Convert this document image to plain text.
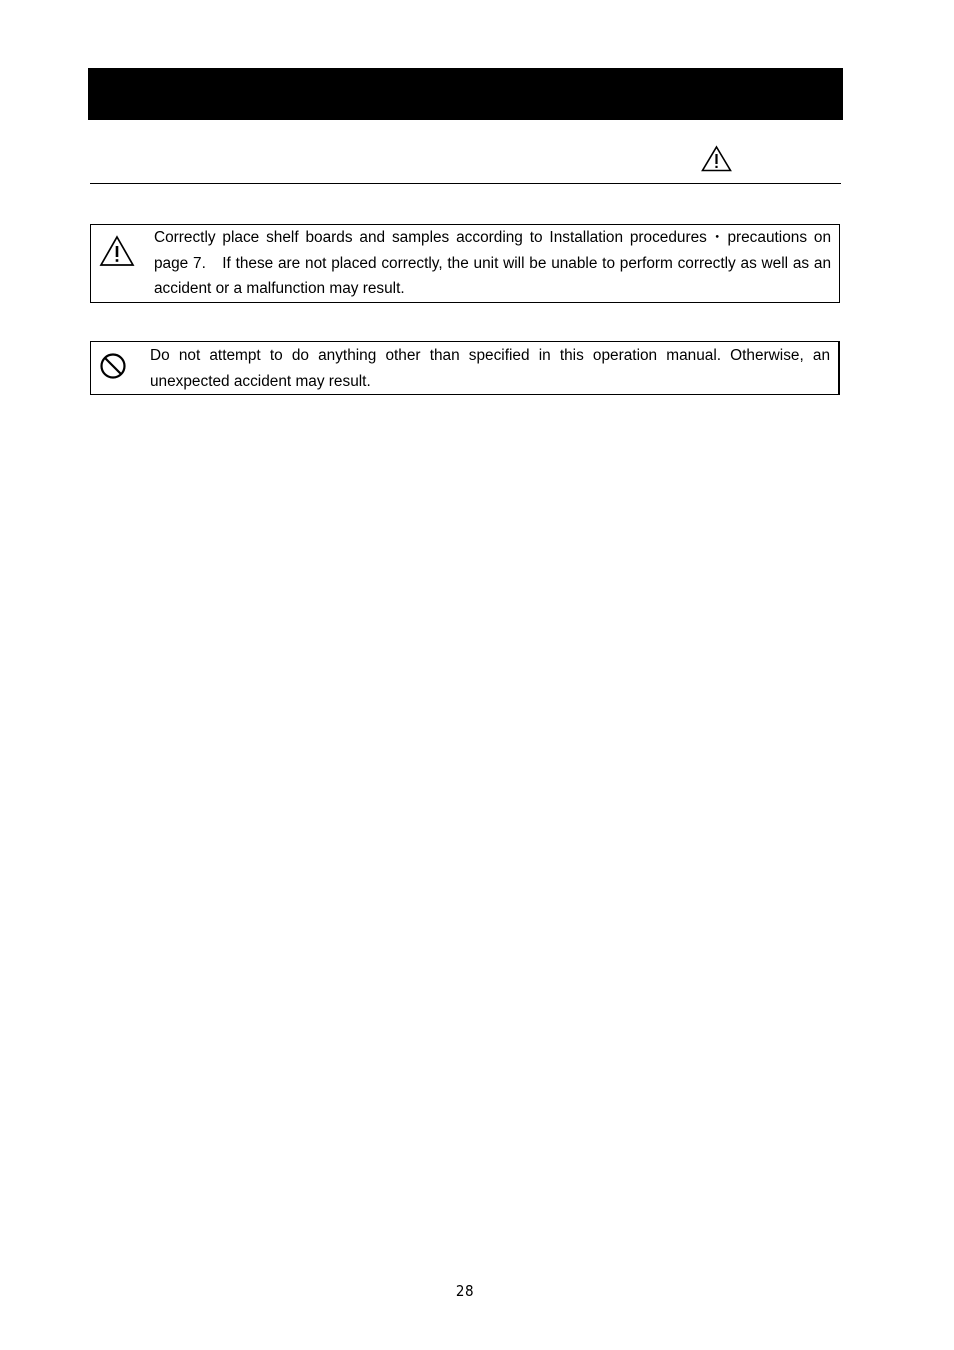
Correctly place shelf boards and samples according to Installation procedures・precautions on page 7.　If these are not placed correctly, the unit will be unable to perform correctly as well as an accident or a malfunction may result.

Do not attempt to do anything other than specified in this operation manual. Otherwise, an unexpected accident may result.

28
